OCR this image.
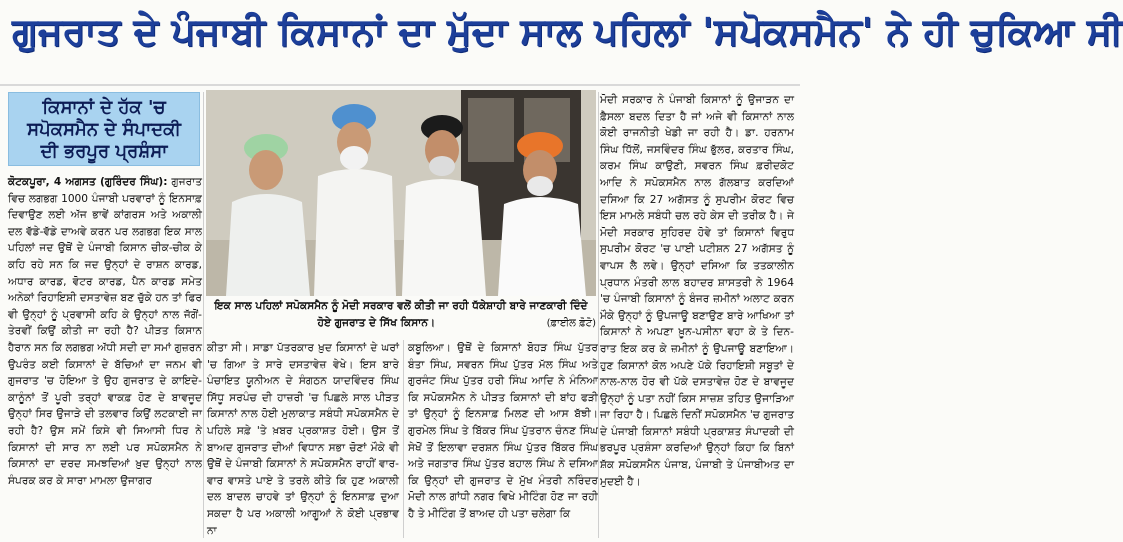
ਗੁਜਰਾਤ ਦੇ ਪੰਜਾਬੀ ਕਿਸਾਨਾਂ ਦਾ ਮੁੱਦਾ ਸਾਲ ਪਹਿਲਾਂ 'ਸਪੋਕਸਮੈਨ' ਨੇ ਹੀ ਚੁਕਿਆ ਸੀ
ਕਿਸਾਨਾਂ ਦੇ ਹੱਕ 'ਚ
ਸਪੋਕਸਮੈਨ ਦੇ ਸੰਪਾਦਕੀ
ਦੀ ਭਰਪੂਰ ਪ੍ਰਸ਼ੰਸਾ
ਕੋਟਕਪੂਰਾ, 4 ਅਗਸਤ (ਗੁਰਿੰਦਰ ਸਿੰਘ): ਗੁਜਰਾਤ ਵਿਚ ਲਗਭਗ 1000 ਪੰਜਾਬੀ ਪਰਵਾਰਾਂ ਨੂੰ ਇਨਸਾਫ਼ ਦਿਵਾਉਣ ਲਈ ਅੱਜ ਭਾਵੇਂ ਕਾਂਗਰਸ ਅਤੇ ਅਕਾਲੀ ਦਲ ਵੱਡੇ-ਵੱਡੇ ਦਾਅਵੇ ਕਰਨ ਪਰ ਲਗਭਗ ਇਕ ਸਾਲ ਪਹਿਲਾਂ ਜਦ ਉਥੋਂ ਦੇ ਪੰਜਾਬੀ ਕਿਸਾਨ ਚੀਕ-ਚੀਕ ਕੇ ਕਹਿ ਰਹੇ ਸਨ ਕਿ ਜਦ ਉਨ੍ਹਾਂ ਦੇ ਰਾਸ਼ਨ ਕਾਰਡ, ਅਧਾਰ ਕਾਰਡ, ਵੋਟਰ ਕਾਰਡ, ਪੈਨ ਕਾਰਡ ਸਮੇਤ ਅਨੇਕਾਂ ਰਿਹਾਇਸ਼ੀ ਦਸਤਾਵੇਜ਼ ਬਣ ਚੁੱਕੇ ਹਨ ਤਾਂ ਫਿਰ ਵੀ ਉਨ੍ਹਾਂ ਨੂੰ ਪ੍ਰਵਾਸੀ ਕਹਿ ਕੇ ਉਨ੍ਹਾਂ ਨਾਲ ਜੱਗੋਂ-ਤੇਰਵੀਂ ਕਿਉਂ ਕੀਤੀ ਜਾ ਰਹੀ ਹੈ? ਪੀੜਤ ਕਿਸਾਨ ਹੈਰਾਨ ਸਨ ਕਿ ਲਗਭਗ ਅੱਧੀ ਸਦੀ ਦਾ ਸਮਾਂ ਗੁਜ਼ਰਨ ਉਪਰੰਤ ਕਈ ਕਿਸਾਨਾਂ ਦੇ ਬੱਚਿਆਂ ਦਾ ਜਨਮ ਵੀ ਗੁਜਰਾਤ 'ਚ ਹੋਇਆ ਤੇ ਉਹ ਗੁਜਰਾਤ ਦੇ ਕਾਇਦੇ-ਕਾਨੂੰਨਾਂ ਤੋਂ ਪੂਰੀ ਤਰ੍ਹਾਂ ਵਾਕਫ਼ ਹੋਣ ਦੇ ਬਾਵਜੂਦ ਉਨ੍ਹਾਂ ਸਿਰ ਉਜਾੜੇ ਦੀ ਤਲਵਾਰ ਕਿਉਂ ਲਟਕਾਈ ਜਾ ਰਹੀ ਹੈ? ਉਸ ਸਮੇਂ ਕਿਸੇ ਵੀ ਸਿਆਸੀ ਧਿਰ ਨੇ ਕਿਸਾਨਾਂ ਦੀ ਸਾਰ ਨਾ ਲਈ ਪਰ ਸਪੋਕਸਮੈਨ ਨੇ ਕਿਸਾਨਾਂ ਦਾ ਦਰਦ ਸਮਝਦਿਆਂ ਖ਼ੁਦ ਉਨ੍ਹਾਂ ਨਾਲ ਸੰਪਰਕ ਕਰ ਕੇ ਸਾਰਾ ਮਾਮਲਾ ਉਜਾਗਰ
ਇਕ ਸਾਲ ਪਹਿਲਾਂ ਸਪੋਕਸਮੈਨ ਨੂੰ ਮੋਦੀ ਸਰਕਾਰ ਵਲੋਂ ਕੀਤੀ ਜਾ ਰਹੀ ਧੱਕੇਸ਼ਾਹੀ ਬਾਰੇ ਜਾਣਕਾਰੀ ਦਿੰਦੇ ਹੋਏ ਗੁਜਰਾਤ ਦੇ ਸਿੱਖ ਕਿਸਾਨ।	(ਫ਼ਾਈਲ ਫ਼ੋਟੋ)
ਕੀਤਾ ਸੀ। ਸਾਡਾ ਪੱਤਰਕਾਰ ਖ਼ੁਦ ਕਿਸਾਨਾਂ ਦੇ ਘਰਾਂ 'ਚ ਗਿਆ ਤੇ ਸਾਰੇ ਦਸਤਾਵੇਜ਼ ਵੇਖੇ। ਇਸ ਬਾਰੇ ਪੰਚਾਇਤ ਯੂਨੀਅਨ ਦੇ ਸੰਗਠਨ ਯਾਦਵਿੰਦਰ ਸਿੰਘ ਸਿੱਧੂ ਸਰਪੰਚ ਦੀ ਹਾਜ਼ਰੀ 'ਚ ਪਿਛਲੇ ਸਾਲ ਪੀੜਤ ਕਿਸਾਨਾਂ ਨਾਲ ਹੋਈ ਮੁਲਾਕਾਤ ਸਬੰਧੀ ਸਪੋਕਸਮੈਨ ਦੇ ਪਹਿਲੇ ਸਫ਼ੇ 'ਤੇ ਖ਼ਬਰ ਪ੍ਰਕਾਸ਼ਤ ਹੋਈ। ਉਸ ਤੋਂ ਬਾਅਦ ਗੁਜਰਾਤ ਦੀਆਂ ਵਿਧਾਨ ਸਭਾ ਚੋਣਾਂ ਮੌਕੇ ਵੀ ਉਥੋਂ ਦੇ ਪੰਜਾਬੀ ਕਿਸਾਨਾਂ ਨੇ ਸਪੋਕਸਮੈਨ ਰਾਹੀਂ ਵਾਰ-ਵਾਰ ਵਾਸਤੇ ਪਾਏ ਤੇ ਤਰਲੇ ਕੀਤੇ ਕਿ ਹੁਣ ਅਕਾਲੀ ਦਲ ਬਾਦਲ ਚਾਹਵੇ ਤਾਂ ਉਨ੍ਹਾਂ ਨੂੰ ਇਨਸਾਫ਼ ਦੁਆ ਸਕਦਾ ਹੈ ਪਰ ਅਕਾਲੀ ਆਗੂਆਂ ਨੇ ਕੋਈ ਪ੍ਰਭਾਵ ਨਾ
ਕਬੂਲਿਆ। ਉਥੋਂ ਦੇ ਕਿਸਾਨਾਂ ਬੋਹੜ ਸਿੰਘ ਪੁੱਤਰ ਬੰਤਾ ਸਿੰਘ, ਸਵਰਨ ਸਿੰਘ ਪੁੱਤਰ ਮੱਲ ਸਿੰਘ ਅਤੇ ਗੁਰਜੰਟ ਸਿੰਘ ਪੁੱਤਰ ਹਰੀ ਸਿੰਘ ਆਦਿ ਨੇ ਮੰਨਿਆ ਕਿ ਸਪੋਕਸਮੈਨ ਨੇ ਪੀੜਤ ਕਿਸਾਨਾਂ ਦੀ ਬਾਂਹ ਫੜੀ ਤਾਂ ਉਨ੍ਹਾਂ ਨੂੰ ਇਨਸਾਫ਼ ਮਿਲਣ ਦੀ ਆਸ ਬੱਝੀ। ਗੁਰਮੇਲ ਸਿੰਘ ਤੇ ਬਿੱਕਰ ਸਿੰਘ ਪੁੱਤਰਾਨ ਚੰਨਣ ਸਿੰਘ ਸੇਖੋਂ ਤੋਂ ਇਲਾਵਾ ਦਰਸ਼ਨ ਸਿੰਘ ਪੁੱਤਰ ਬਿੱਕਰ ਸਿੰਘ ਅਤੇ ਜਗਤਾਰ ਸਿੰਘ ਪੁੱਤਰ ਬਹਾਲ ਸਿੰਘ ਨੇ ਦਸਿਆ ਕਿ ਉਨ੍ਹਾਂ ਦੀ ਗੁਜਰਾਤ ਦੇ ਮੁੱਖ ਮੰਤਰੀ ਨਰਿੰਦਰ ਮੋਦੀ ਨਾਲ ਗਾਂਧੀ ਨਗਰ ਵਿਖੇ ਮੀਟਿੰਗ ਹੋਣ ਜਾ ਰਹੀ ਹੈ ਤੇ ਮੀਟਿੰਗ ਤੋਂ ਬਾਅਦ ਹੀ ਪਤਾ ਚਲੇਗਾ ਕਿ
ਮੋਦੀ ਸਰਕਾਰ ਨੇ ਪੰਜਾਬੀ ਕਿਸਾਨਾਂ ਨੂੰ ਉਜਾੜਨ ਦਾ ਫ਼ੈਸਲਾ ਬਦਲ ਦਿਤਾ ਹੈ ਜਾਂ ਅਜੇ ਵੀ ਕਿਸਾਨਾਂ ਨਾਲ ਕੋਈ ਰਾਜਨੀਤੀ ਖੇਡੀ ਜਾ ਰਹੀ ਹੈ। ਡਾ. ਹਰਨਾਮ ਸਿੰਘ ਧਿੱਲੋਂ, ਜਸਵਿੰਦਰ ਸਿੰਘ ਭੁੱਲਰ, ਕਰਤਾਰ ਸਿੰਘ, ਕਰਮ ਸਿੰਘ ਕਾਉਣੀ, ਸਵਰਨ ਸਿੰਘ ਫ਼ਰੀਦਕੋਟ ਆਦਿ ਨੇ ਸਪੋਕਸਮੈਨ ਨਾਲ ਗੱਲਬਾਤ ਕਰਦਿਆਂ ਦਸਿਆ ਕਿ 27 ਅਗੱਸਤ ਨੂੰ ਸੁਪਰੀਮ ਕੋਰਟ ਵਿਚ ਇਸ ਮਾਮਲੇ ਸਬੰਧੀ ਚਲ ਰਹੇ ਕੇਸ ਦੀ ਤਰੀਕ ਹੈ। ਜੇ ਮੋਦੀ ਸਰਕਾਰ ਸੁਹਿਰਦ ਹੋਵੇ ਤਾਂ ਕਿਸਾਨਾਂ ਵਿਰੁਧ ਸੁਪਰੀਮ ਕੋਰਟ 'ਚ ਪਾਈ ਪਟੀਸ਼ਨ 27 ਅਗੱਸਤ ਨੂੰ ਵਾਪਸ ਲੈ ਲਵੇ। ਉਨ੍ਹਾਂ ਦਸਿਆ ਕਿ ਤਤਕਾਲੀਨ ਪ੍ਰਧਾਨ ਮੰਤਰੀ ਲਾਲ ਬਹਾਦਰ ਸ਼ਾਸਤਰੀ ਨੇ 1964 'ਚ ਪੰਜਾਬੀ ਕਿਸਾਨਾਂ ਨੂੰ ਬੰਜਰ ਜ਼ਮੀਨਾਂ ਅਲਾਟ ਕਰਨ ਮੌਕੇ ਉਨ੍ਹਾਂ ਨੂੰ ਉਪਜਾਊ ਬਣਾਉਣ ਬਾਰੇ ਆਖਿਆ ਤਾਂ ਕਿਸਾਨਾਂ ਨੇ ਅਪਣਾ ਖ਼ੂਨ-ਪਸੀਨਾ ਵਹਾ ਕੇ ਤੇ ਦਿਨ-ਰਾਤ ਇਕ ਕਰ ਕੇ ਜ਼ਮੀਨਾਂ ਨੂੰ ਉਪਜਾਊ ਬਣਾਇਆ। ਹੁਣ ਕਿਸਾਨਾਂ ਕੋਲ ਅਪਣੇ ਪੱਕੇ ਰਿਹਾਇਸ਼ੀ ਸਬੂਤਾਂ ਦੇ ਨਾਲ-ਨਾਲ ਹੋਰ ਵੀ ਪੱਕੇ ਦਸਤਾਵੇਜ਼ ਹੋਣ ਦੇ ਬਾਵਜੂਦ ਉਨ੍ਹਾਂ ਨੂੰ ਪਤਾ ਨਹੀਂ ਕਿਸ ਸਾਜ਼ਸ਼ ਤਹਿਤ ਉਜਾੜਿਆ ਜਾ ਰਿਹਾ ਹੈ। ਪਿਛਲੇ ਦਿਨੀਂ ਸਪੋਕਸਮੈਨ 'ਚ ਗੁਜਰਾਤ ਦੇ ਪੰਜਾਬੀ ਕਿਸਾਨਾਂ ਸਬੰਧੀ ਪ੍ਰਕਾਸ਼ਤ ਸੰਪਾਦਕੀ ਦੀ ਭਰਪੂਰ ਪ੍ਰਸ਼ੰਸਾ ਕਰਦਿਆਂ ਉਨ੍ਹਾਂ ਕਿਹਾ ਕਿ ਬਿਨਾਂ ਸ਼ੱਕ ਸਪੋਕਸਮੈਨ ਪੰਜਾਬ, ਪੰਜਾਬੀ ਤੇ ਪੰਜਾਬੀਅਤ ਦਾ ਮੁਦਈ ਹੈ।
